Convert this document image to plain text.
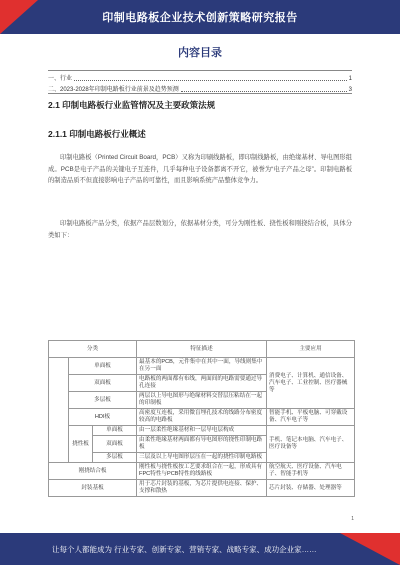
印制电路板企业技术创新策略研究报告
内容目录
一、行业	1
二、2023-2028年印制电路板行业前景及趋势预测	3
2.1 印制电路板行业监管情况及主要政策法规
2.1.1 印制电路板行业概述
印制电路板（Printed Circuit Board，PCB）又称为印刷线路板，即印制线路板，由绝缘基材、导电图形组成。PCB是电子产品的关键电子互连件，几乎每种电子设备都离不开它，被誉为“电子产品之母”。印制电路板的制造品质不但直接影响电子产品的可靠性，而且影响系统产品整体竞争力。
印制电路板产品分类，依据产品层数划分，依据基材分类，可分为刚性板、挠性板和刚挠结合板，具体分类如下：
分类			特征描述	主要应用
	单面板		最基本的PCB，元件集中在其中一面，导线则集中在另一面	消费电子、计算机、通信设备、汽车电子、工业控制、医疗器械等
	双面板		电路板的两面都有布线，两面间的电路需要通过导孔连接	
	多层板		两层以上导电图形与绝缘材料交替层压粘结在一起的印制板	
	HDI板		高密度互连板，采用微盲埋孔技术的线路分布密度较高的电路板	智能手机、平板电脑、可穿戴设备、汽车电子等
	挠性板	单面板	由一层柔性绝缘基材和一层导电层构成	手机、笔记本电脑、汽车电子、医疗设备等
		双面板	由柔性绝缘基材两面都有导电图形的挠性印制电路板	
		多层板	三层及以上导电图形层压在一起的挠性印制电路板	
刚挠结合板			刚性板与挠性板按工艺要求组合在一起，形成具有FPC特性与PCB特性的线路板	航空航天、医疗设备、汽车电子、智能手机等
封装基板			用于芯片封装的基板，为芯片提供电连接、保护、支撑和散热	芯片封装、存储器、处理器等
1
让每个人都能成为 行业专家、创新专家、营销专家、战略专家、成功企业家……
